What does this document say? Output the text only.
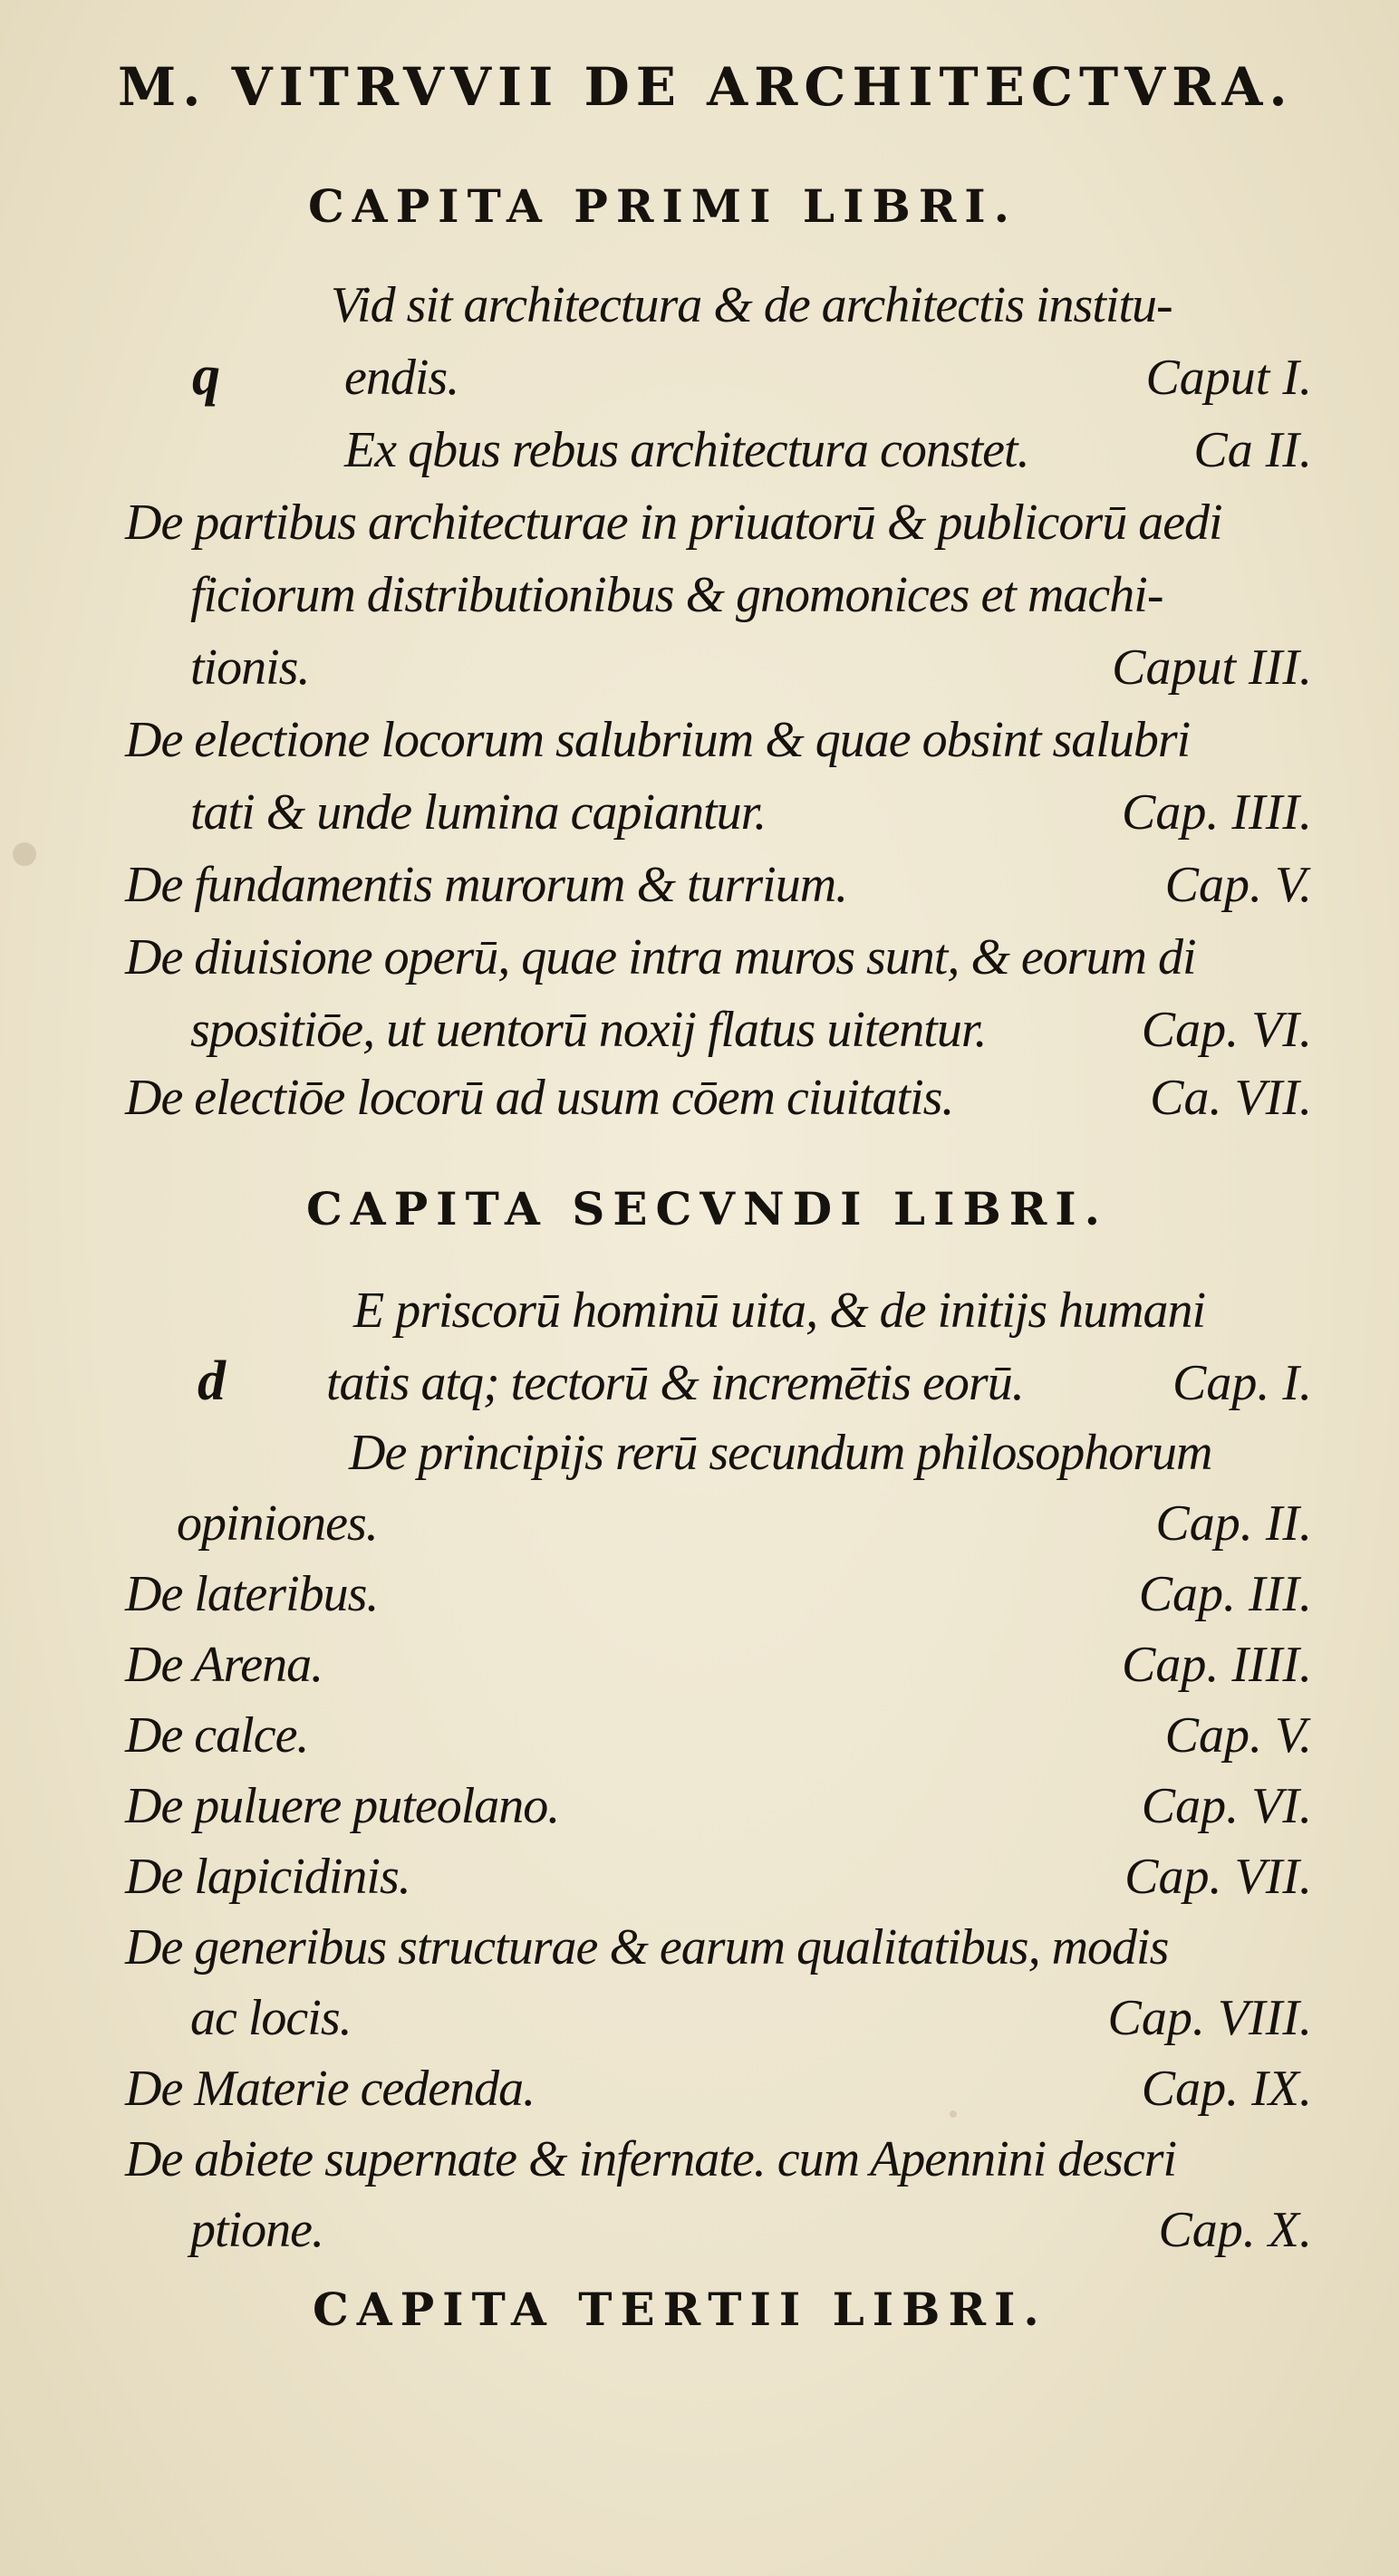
M. VITRVVII DE ARCHITECTVRA.
CAPITA PRIMI LIBRI.
q
Vid sit architectura & de architectis institu-
endis.	Caput I.
Ex qbus rebus architectura constet.	Ca II.
De partibus architecturae in priuatorū & publicorū aedi
ficiorum distributionibus & gnomonices et machi-
tionis.	Caput III.
De electione locorum salubrium & quae obsint salubri
tati & unde lumina capiantur.	Cap. IIII.
De fundamentis murorum & turrium.	Cap. V.
De diuisione operū, quae intra muros sunt, & eorum di
spositiōe, ut uentorū noxij flatus uitentur.	Cap. VI.
De electiōe locorū ad usum cōem ciuitatis.	Ca. VII.
CAPITA SECVNDI LIBRI.
d
E priscorū hominū uita, & de initijs humani
tatis atq; tectorū & incremētis eorū.	Cap. I.
De principijs rerū secundum philosophorum
opiniones.	Cap. II.
De lateribus.	Cap. III.
De Arena.	Cap. IIII.
De calce.	Cap. V.
De puluere puteolano.	Cap. VI.
De lapicidinis.	Cap. VII.
De generibus structurae & earum qualitatibus, modis
ac locis.	Cap. VIII.
De Materie cedenda.	Cap. IX.
De abiete supernate & infernate. cum Apennini descri
ptione.	Cap. X.
CAPITA TERTII LIBRI.
